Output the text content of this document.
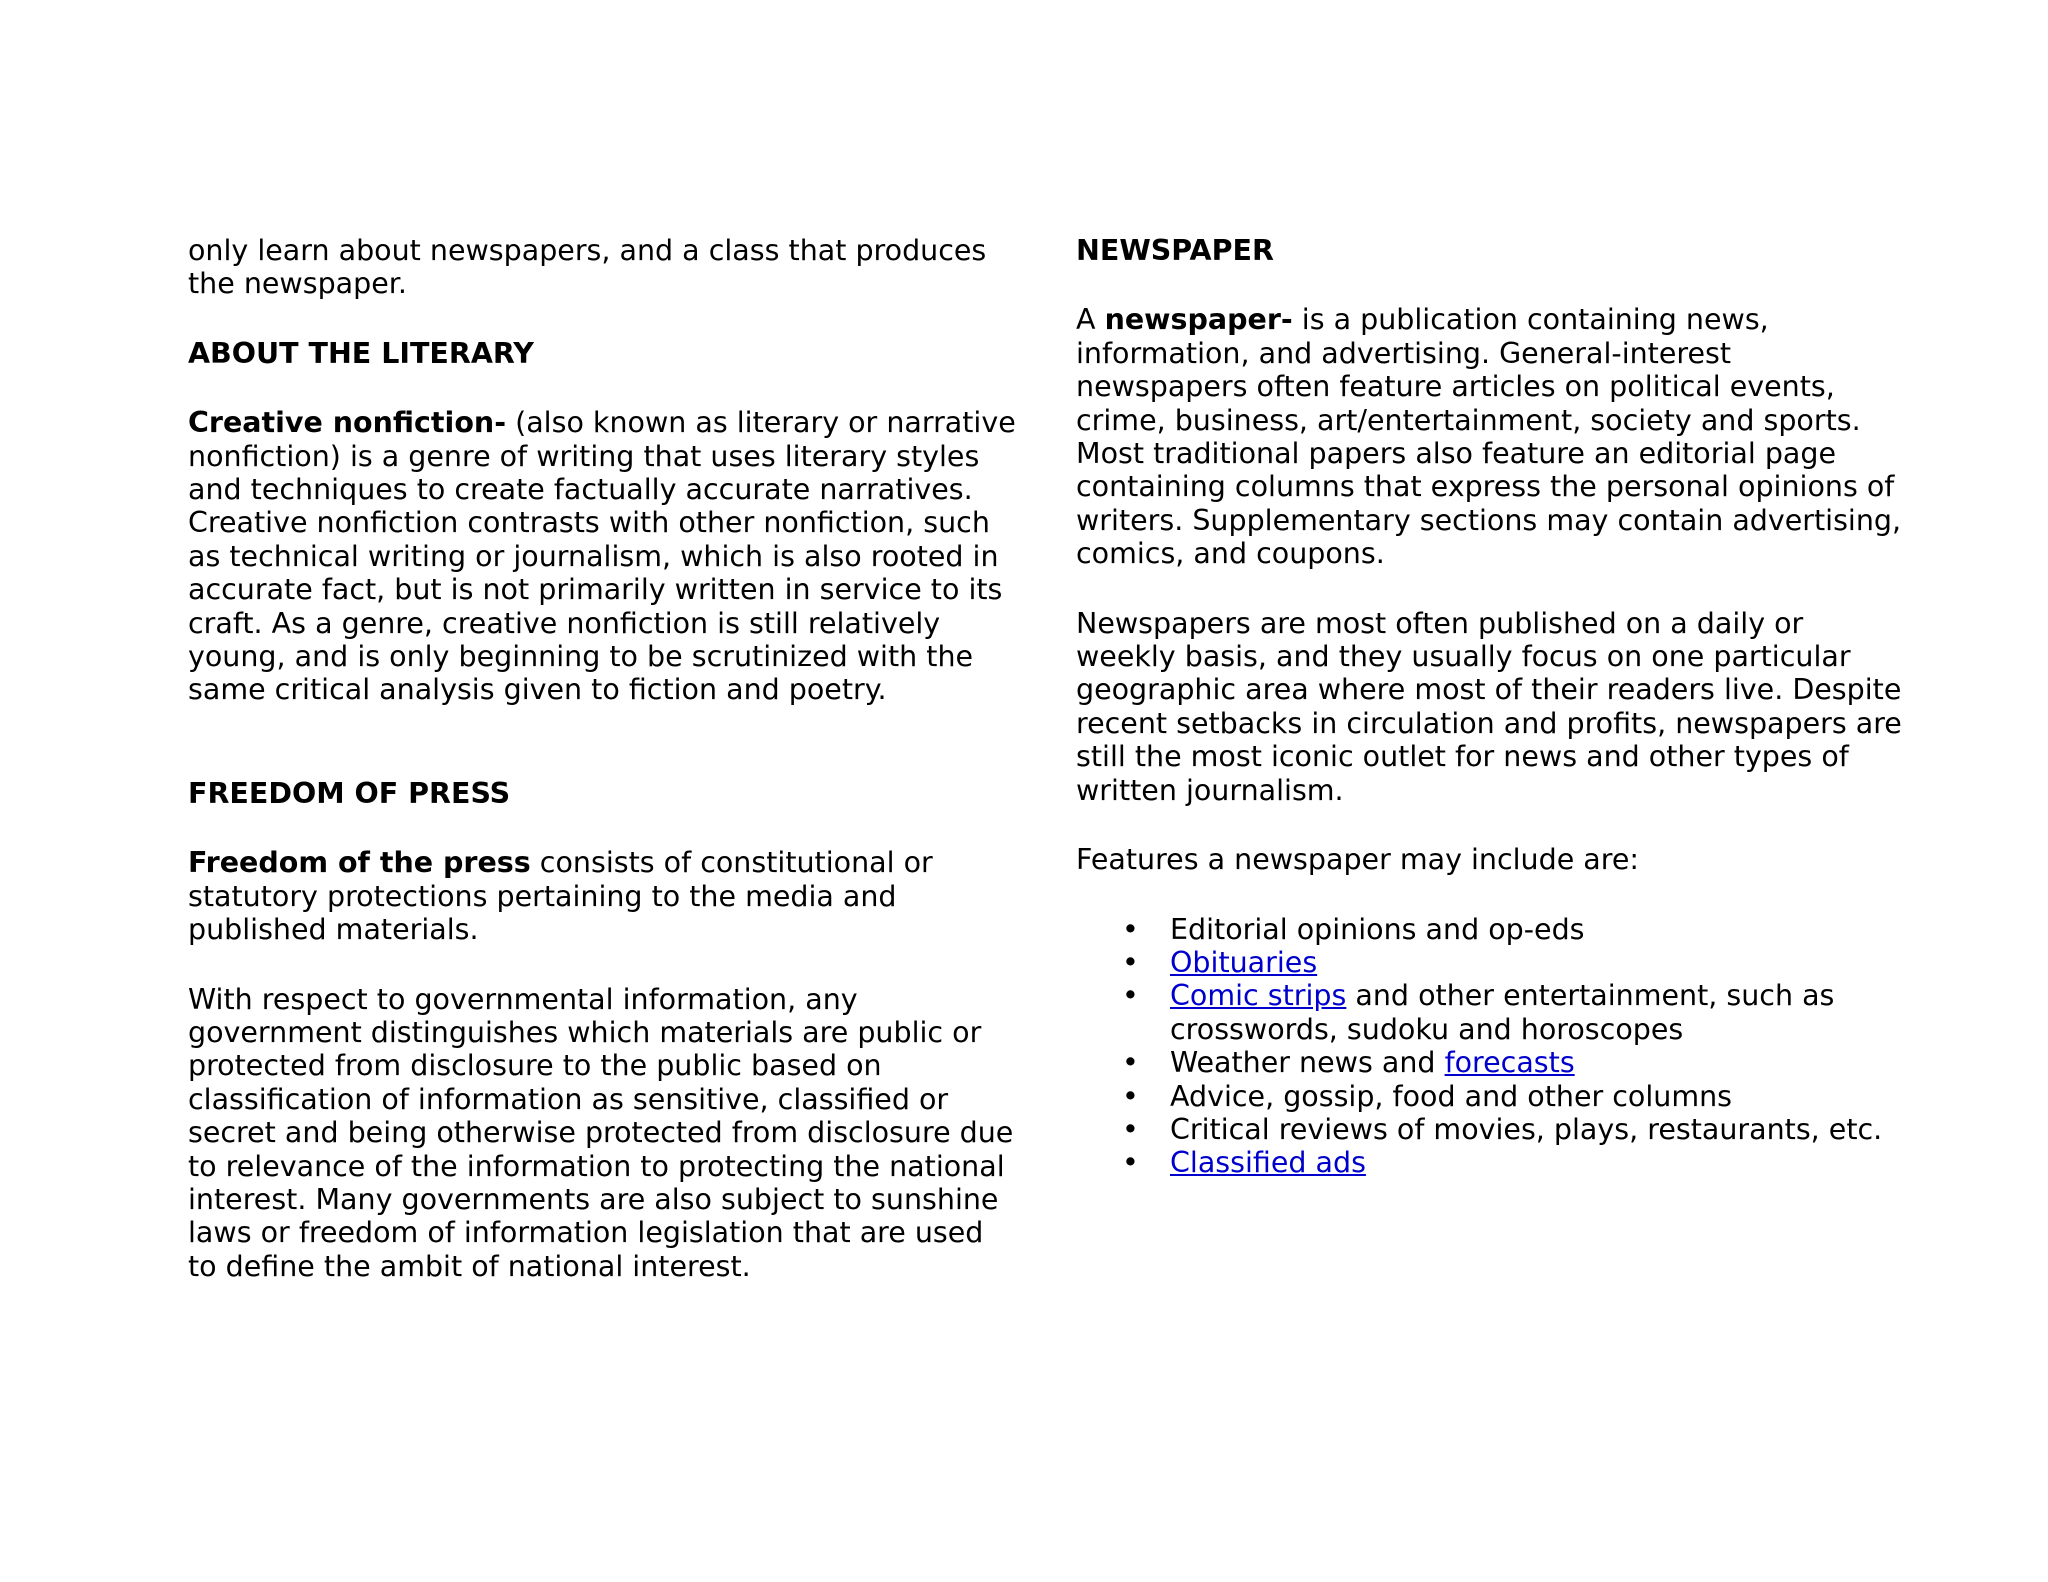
only learn about newspapers, and a class that produces the newspaper.

ABOUT THE LITERARY

Creative nonfiction- (also known as literary or narrative nonfiction) is a genre of writing that uses literary styles and techniques to create factually accurate narratives. Creative nonfiction contrasts with other nonfiction, such as technical writing or journalism, which is also rooted in accurate fact, but is not primarily written in service to its craft. As a genre, creative nonfiction is still relatively young, and is only beginning to be scrutinized with the same critical analysis given to fiction and poetry.

FREEDOM OF PRESS

Freedom of the press consists of constitutional or statutory protections pertaining to the media and published materials.

With respect to governmental information, any government distinguishes which materials are public or protected from disclosure to the public based on classification of information as sensitive, classified or secret and being otherwise protected from disclosure due to relevance of the information to protecting the national interest. Many governments are also subject to sunshine laws or freedom of information legislation that are used to define the ambit of national interest.

NEWSPAPER

A newspaper- is a publication containing news, information, and advertising. General-interest newspapers often feature articles on political events, crime, business, art/entertainment, society and sports. Most traditional papers also feature an editorial page containing columns that express the personal opinions of writers. Supplementary sections may contain advertising, comics, and coupons.

Newspapers are most often published on a daily or weekly basis, and they usually focus on one particular geographic area where most of their readers live. Despite recent setbacks in circulation and profits, newspapers are still the most iconic outlet for news and other types of written journalism.

Features a newspaper may include are:

• Editorial opinions and op-eds
• Obituaries
• Comic strips and other entertainment, such as crosswords, sudoku and horoscopes
• Weather news and forecasts
• Advice, gossip, food and other columns
• Critical reviews of movies, plays, restaurants, etc.
• Classified ads
